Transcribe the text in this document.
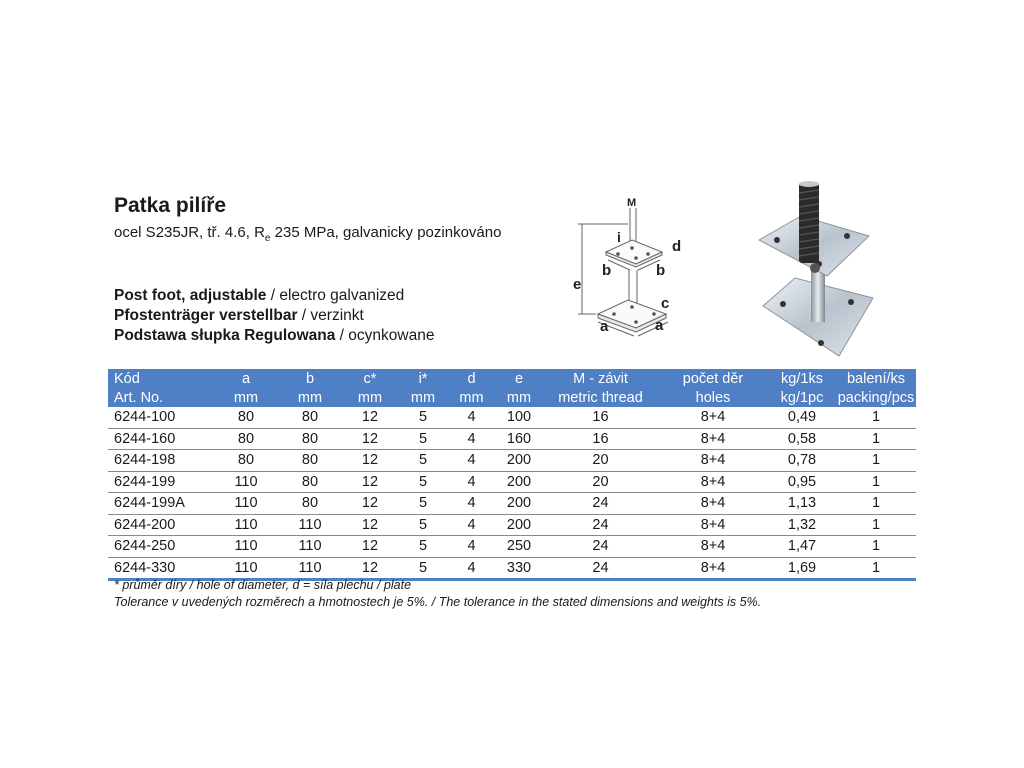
Patka pilíře
ocel S235JR, tř. 4.6, $R_e$ 235 MPa, galvanicky pozinkováno
Post foot, adjustable / electro galvanized
Pfostenträger verstellbar / verzinkt
Podstawa słupka Regulowana / ocynkowane
M
i
d
b	b
e
c
a	a
Kód	a	b	c*	i*	d	e	M - závit	počet děr	kg/1ks	balení/ks
Art. No.	mm	mm	mm	mm	mm	mm	metric thread	holes	kg/1pc	packing/pcs
6244-100	80	80	12	5	4	100	16	8+4	0,49	1
6244-160	80	80	12	5	4	160	16	8+4	0,58	1
6244-198	80	80	12	5	4	200	20	8+4	0,78	1
6244-199	110	80	12	5	4	200	20	8+4	0,95	1
6244-199A	110	80	12	5	4	200	24	8+4	1,13	1
6244-200	110	110	12	5	4	200	24	8+4	1,32	1
6244-250	110	110	12	5	4	250	24	8+4	1,47	1
6244-330	110	110	12	5	4	330	24	8+4	1,69	1
* průměr díry / hole of diameter, d = síla plechu / plate
Tolerance v uvedených rozměrech a hmotnostech je 5%. / The tolerance in the stated dimensions and weights is 5%.
